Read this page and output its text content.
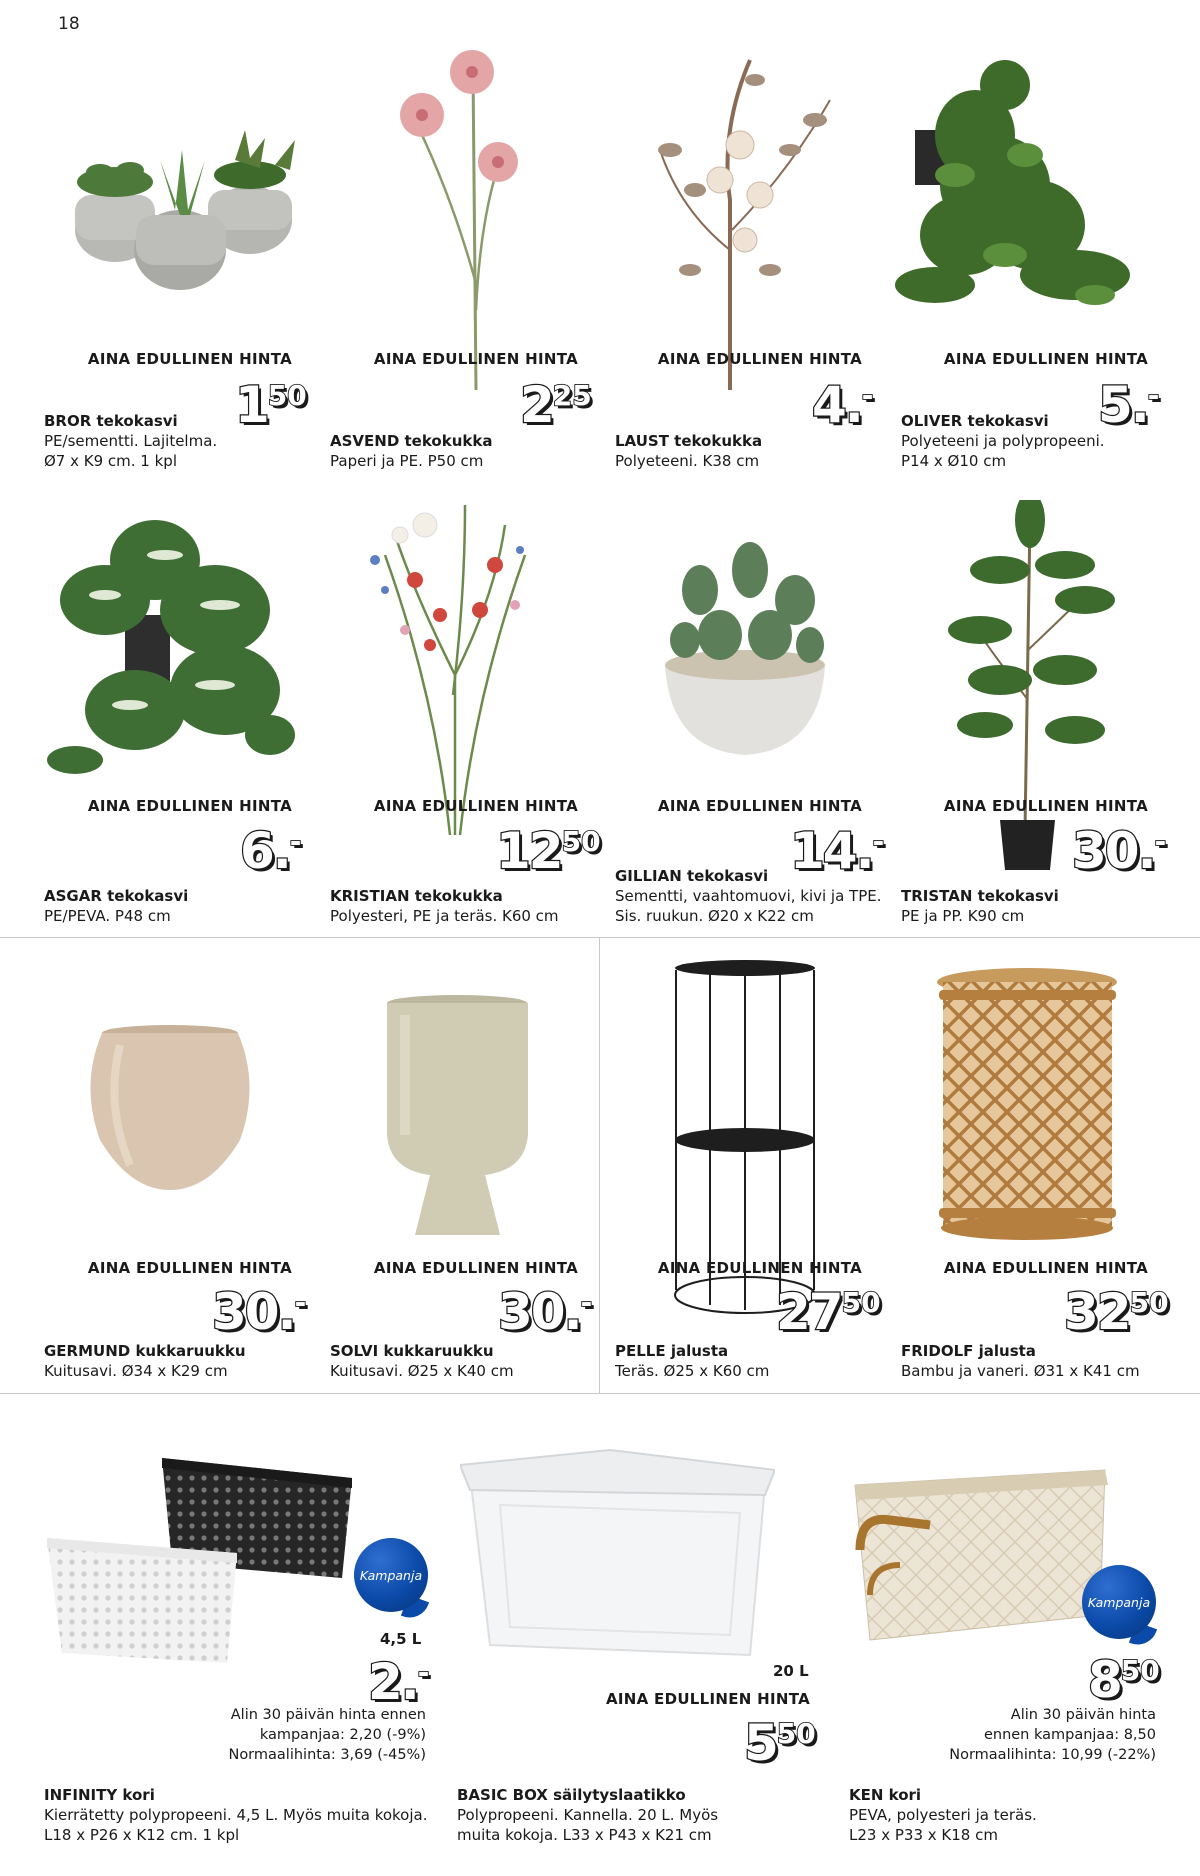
18
AINA EDULLINEN HINTA
150
BROR tekokasvi
PE/sementti. Lajitelma.
Ø7 x K9 cm. 1 kpl
AINA EDULLINEN HINTA
225
ASVEND tekokukka
Paperi ja PE. P50 cm
AINA EDULLINEN HINTA
4.-
LAUST tekokukka
Polyeteeni. K38 cm
AINA EDULLINEN HINTA
5.-
OLIVER tekokasvi
Polyeteeni ja polypropeeni.
P14 x Ø10 cm
AINA EDULLINEN HINTA
6.-
ASGAR tekokasvi
PE/PEVA. P48 cm
AINA EDULLINEN HINTA
1250
KRISTIAN tekokukka
Polyesteri, PE ja teräs. K60 cm
AINA EDULLINEN HINTA
14.-
GILLIAN tekokasvi
Sementti, vaahtomuovi, kivi ja TPE.
Sis. ruukun. Ø20 x K22 cm
AINA EDULLINEN HINTA
30.-
TRISTAN tekokasvi
PE ja PP. K90 cm
AINA EDULLINEN HINTA
30.-
GERMUND kukkaruukku
Kuitusavi. Ø34 x K29 cm
AINA EDULLINEN HINTA
30.-
SOLVI kukkaruukku
Kuitusavi. Ø25 x K40 cm
AINA EDULLINEN HINTA
2750
PELLE jalusta
Teräs. Ø25 x K60 cm
AINA EDULLINEN HINTA
3250
FRIDOLF jalusta
Bambu ja vaneri. Ø31 x K41 cm
Kampanja
4,5 L
2.-
Alin 30 päivän hinta ennen
kampanjaa: 2,20 (-9%)
Normaalihinta: 3,69 (-45%)
INFINITY kori
Kierrätetty polypropeeni. 4,5 L. Myös muita kokoja.
L18 x P26 x K12 cm. 1 kpl
20 L
AINA EDULLINEN HINTA
550
BASIC BOX säilytyslaatikko
Polypropeeni. Kannella. 20 L. Myös
muita kokoja. L33 x P43 x K21 cm
Kampanja
850
Alin 30 päivän hinta
ennen kampanjaa: 8,50
Normaalihinta: 10,99 (-22%)
KEN kori
PEVA, polyesteri ja teräs.
L23 x P33 x K18 cm
